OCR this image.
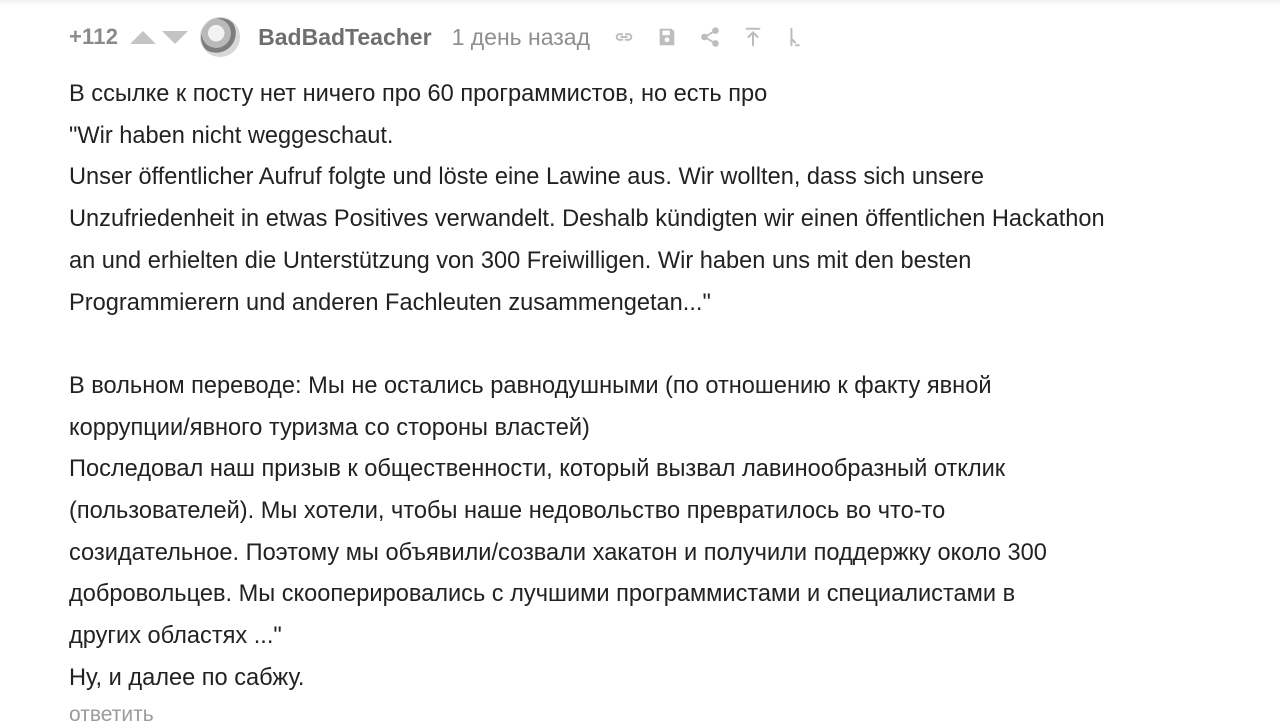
+112	BadBadTeacher 1 день назад

В ссылке к посту нет ничего про 60 программистов, но есть про

"Wir haben nicht weggeschaut.

Unser öffentlicher Aufruf folgte und löste eine Lawine aus. Wir wollten, dass sich unsere

Unzufriedenheit in etwas Positives verwandelt. Deshalb kündigten wir einen öffentlichen Hackathon

an und erhielten die Unterstützung von 300 Freiwilligen. Wir haben uns mit den besten

Programmierern und anderen Fachleuten zusammengetan..."

В вольном переводе: Мы не остались равнодушными (по отношению к факту явной

коррупции/явного туризма со стороны властей)

Последовал наш призыв к общественности, который вызвал лавинообразный отклик

(пользователей). Мы хотели, чтобы наше недовольство превратилось во что-то

созидательное. Поэтому мы объявили/созвали хакатон и получили поддержку около 300

добровольцев. Мы скооперировались с лучшими программистами и специалистами в

других областях ..."

Ну, и далее по сабжу.

ответить
